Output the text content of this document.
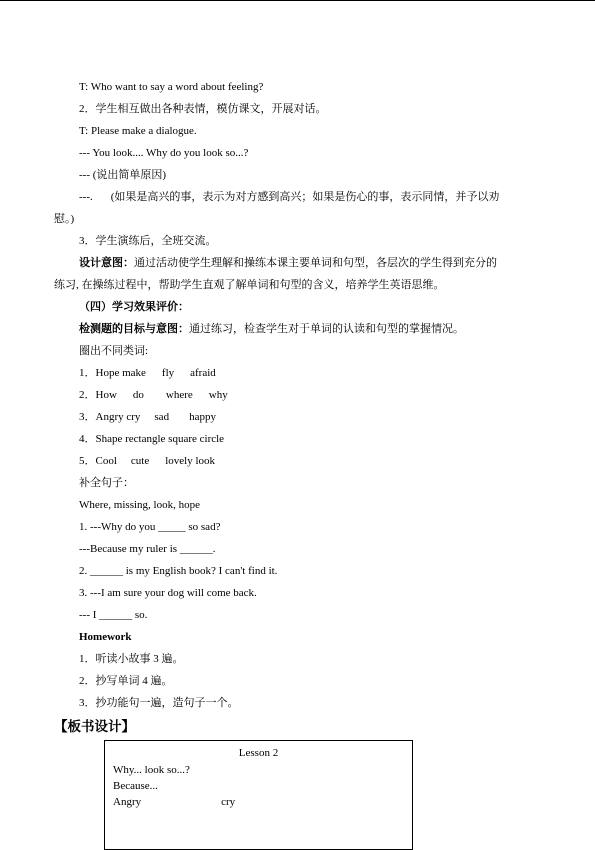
T: Who want to say a word about feeling?
2．学生相互做出各种表情，模仿课文，开展对话。
T: Please make a dialogue.
--- You look.... Why do you look so...?
--- (说出简单原因)
---. (如果是高兴的事，表示为对方感到高兴；如果是伤心的事，表示同情，并予以劝
慰。)
3．学生演练后，全班交流。
设计意图：通过活动使学生理解和操练本课主要单词和句型，各层次的学生得到充分的
练习, 在操练过程中，帮助学生直观了解单词和句型的含义，培养学生英语思维。
（四）学习效果评价：
检测题的目标与意图：通过练习，检查学生对于单词的认读和句型的掌握情况。
圈出不同类词:
1．Hope make fly afraid
2．How do where why
3．Angry cry sad happy
4．Shape rectangle square circle
5．Cool cute lovely look
补全句子：
Where, missing, look, hope
1. ---Why do you _____ so sad?
---Because my ruler is ______.
2. ______ is my English book? I can't find it.
3. ---I am sure your dog will come back.
--- I ______ so.
Homework
1．听读小故事 3 遍。
2．抄写单词 4 遍。
3．抄功能句一遍，造句子一个。
【板书设计】
Lesson 2
Why... look so...?
Because...
Angry	cry
